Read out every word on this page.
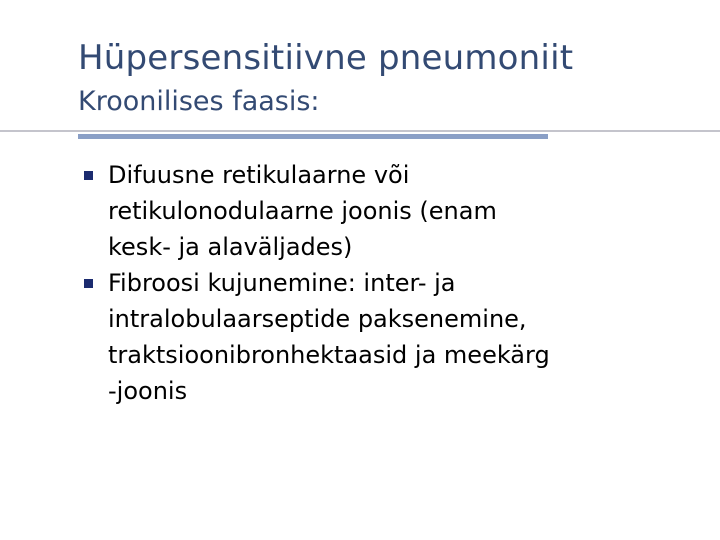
Hüpersensitiivne pneumoniit
Kroonilises faasis:
Difuusne retikulaarne või
retikulonodulaarne joonis (enam
kesk- ja alaväljades)
Fibroosi kujunemine: inter- ja
intralobulaarseptide paksenemine,
traktsioonibronhektaasid ja meekärg
-joonis
